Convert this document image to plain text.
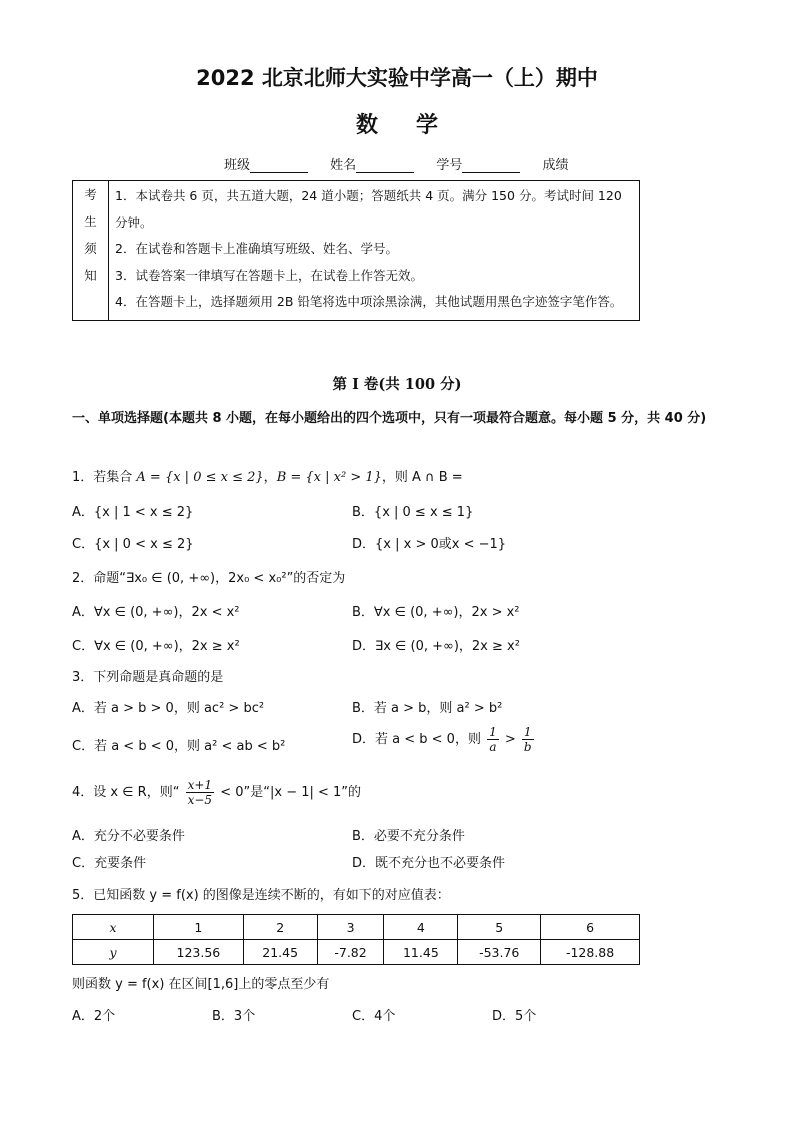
2022 北京北师大实验中学高一（上）期中
数学
班级	姓名	学号	成绩
考
生
须
知

1．本试卷共 6 页，共五道大题，24 道小题；答题纸共 4 页。满分 150 分。考试时间 120 分钟。
2．在试卷和答题卡上准确填写班级、姓名、学号。
3．试卷答案一律填写在答题卡上，在试卷上作答无效。
4．在答题卡上，选择题须用 2B 铅笔将选中项涂黑涂满，其他试题用黑色字迹签字笔作答。
第 I 卷(共 100 分)
一、单项选择题(本题共 8 小题，在每小题给出的四个选项中，只有一项最符合题意。每小题 5 分，共 40 分)
1．若集合 A = {x | 0 ≤ x ≤ 2}，B = {x | x² > 1}，则 A ∩ B =
A．{x | 1 < x ≤ 2}	B．{x | 0 ≤ x ≤ 1}
C．{x | 0 < x ≤ 2}	D．{x | x > 0或x < −1}
2．命题“∃x₀ ∈ (0, +∞)，2x₀ < x₀²”的否定为
A．∀x ∈ (0, +∞)，2x < x²	B．∀x ∈ (0, +∞)，2x > x²
C．∀x ∈ (0, +∞)，2x ≥ x²	D．∃x ∈ (0, +∞)，2x ≥ x²
3．下列命题是真命题的是
A．若 a > b > 0，则 ac² > bc²	B．若 a > b，则 a² > b²
C．若 a < b < 0，则 a² < ab < b²	D．若 a < b < 0，则 $\frac{1}{a} > \frac{1}{b}$
4．设 x ∈ R，则“ $\frac{x+1}{x-5} < 0$”是“|x − 1| < 1”的
A．充分不必要条件	B．必要不充分条件
C．充要条件	D．既不充分也不必要条件
5．已知函数 y = f(x) 的图像是连续不断的，有如下的对应值表：
x	1	2	3	4	5	6
y	123.56	21.45	-7.82	11.45	-53.76	-128.88
则函数 y = f(x) 在区间[1,6]上的零点至少有
A．2个	B．3个	C．4个	D．5个
